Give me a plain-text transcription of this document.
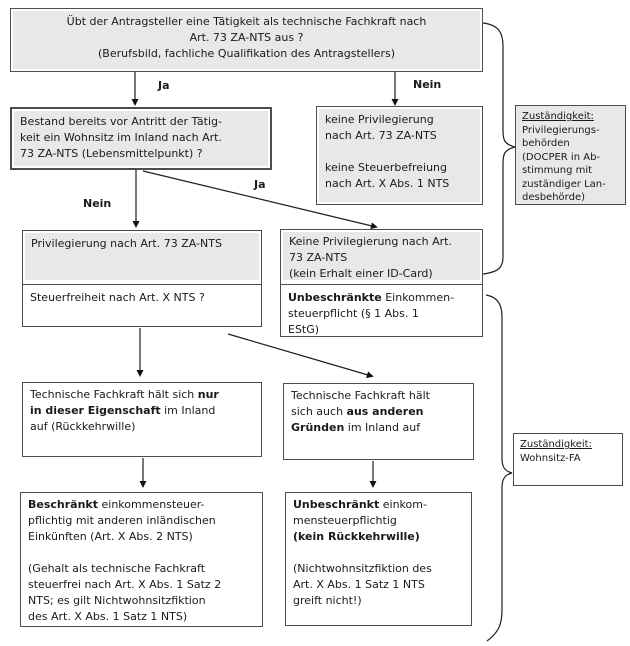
Übt der Antragsteller eine Tätigkeit als technische Fachkraft nach
Art. 73 ZA-NTS aus ?
(Berufsbild, fachliche Qualifikation des Antragstellers)
Ja	Nein
Nein
Ja
Bestand bereits vor Antritt der Tätig-
keit ein Wohnsitz im Inland nach Art.
73 ZA-NTS (Lebensmittelpunkt) ?
keine Privilegierung
nach Art. 73 ZA-NTS

keine Steuerbefreiung
nach Art. X Abs. 1 NTS
Privilegierung nach Art. 73 ZA-NTS
Steuerfreiheit nach Art. X NTS ?
Keine Privilegierung nach Art.
73 ZA-NTS
(kein Erhalt einer ID-Card)
Unbeschränkte Einkommen-
steuerpflicht (§ 1 Abs. 1
EStG)
Technische Fachkraft hält sich nur
in dieser Eigenschaft im Inland
auf (Rückkehrwille)
Technische Fachkraft hält
sich auch aus anderen
Gründen im Inland auf
Beschränkt einkommensteuer-
pflichtig mit anderen inländischen
Einkünften (Art. X Abs. 2 NTS)

(Gehalt als technische Fachkraft
steuerfrei nach Art. X Abs. 1 Satz 2
NTS; es gilt Nichtwohnsitzfiktion
des Art. X Abs. 1 Satz 1 NTS)
Unbeschränkt einkom-
mensteuerpflichtig
(kein Rückkehrwille)

(Nichtwohnsitzfiktion des
Art. X Abs. 1 Satz 1 NTS
greift nicht!)
Zuständigkeit:
Privilegierungs-
behörden
(DOCPER in Ab-
stimmung mit
zuständiger Lan-
desbehörde)
Zuständigkeit:
Wohnsitz-FA
